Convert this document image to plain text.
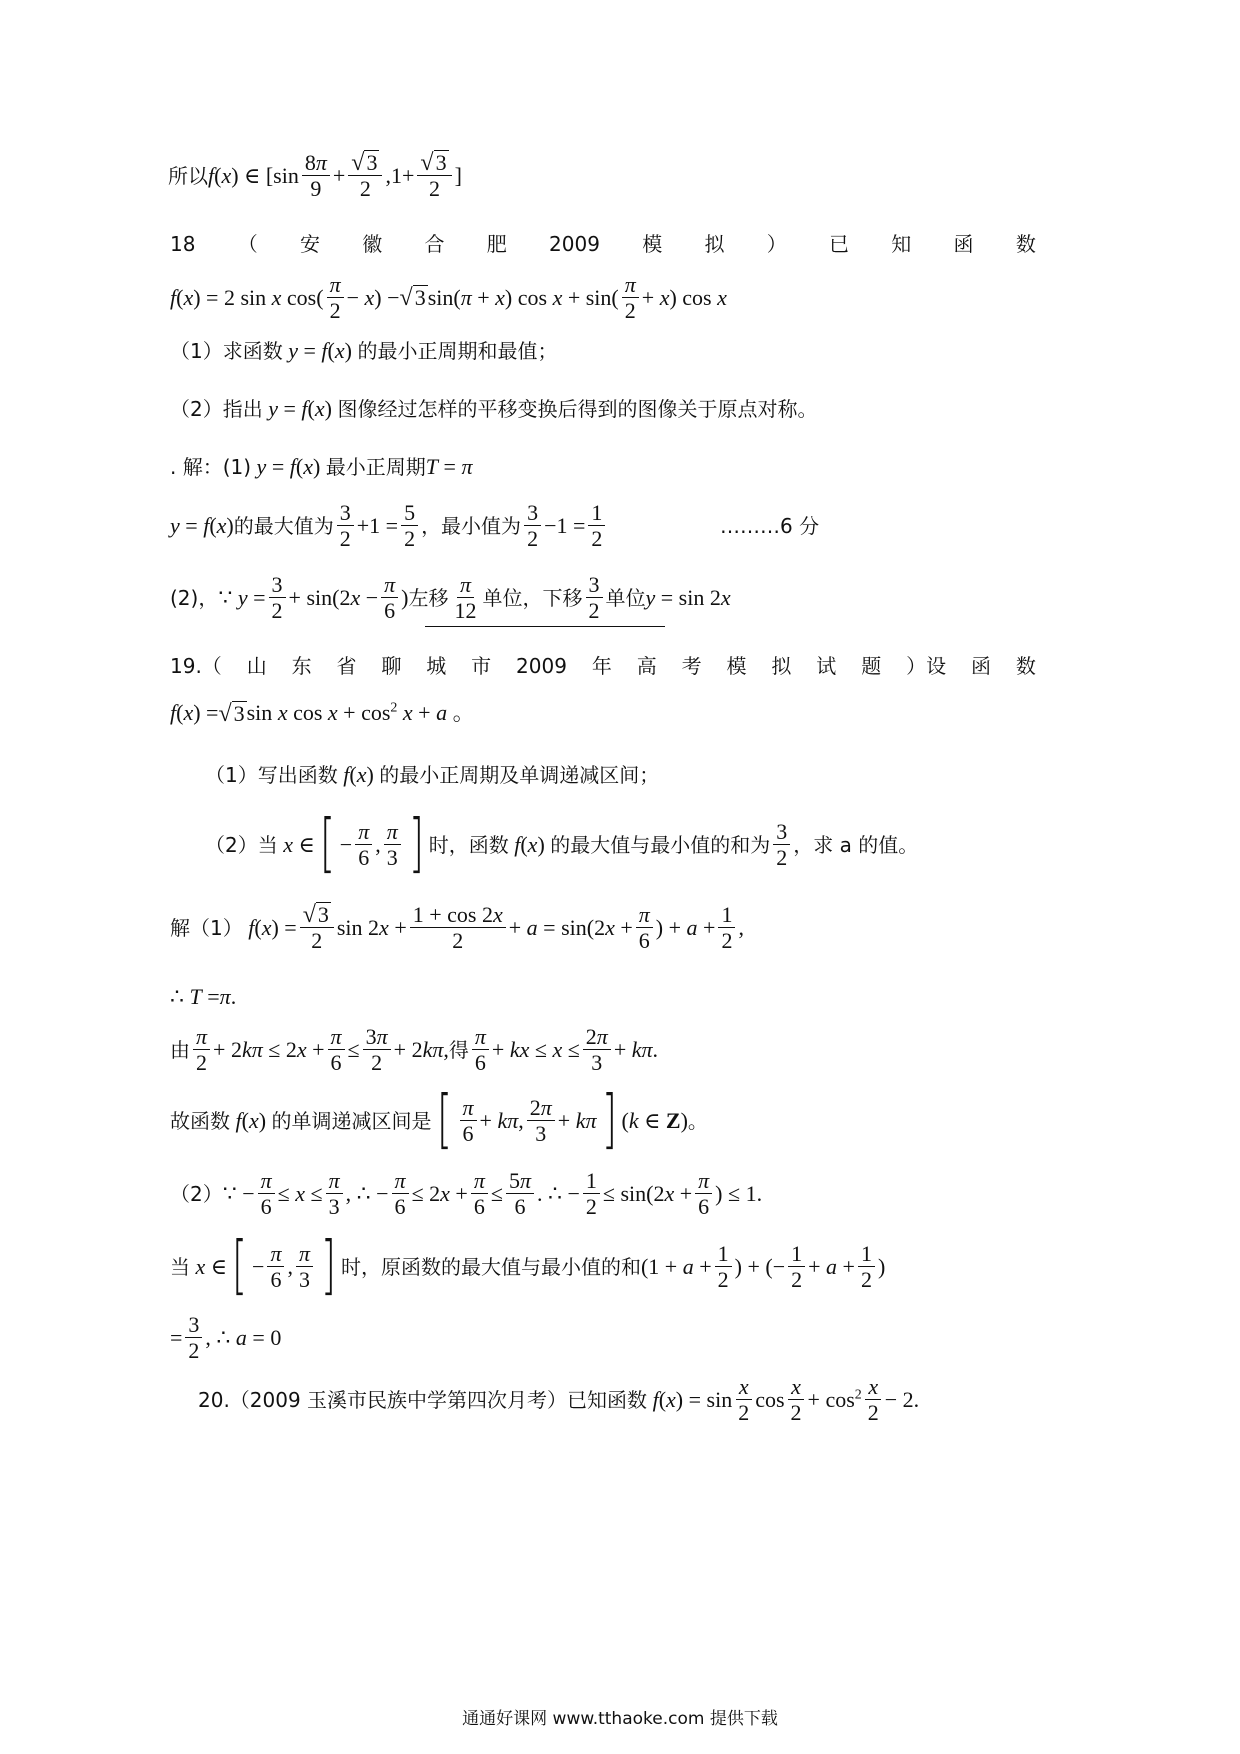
所以 f(x) ∈ [$\sin \frac{8\pi}{9} + \frac{√ 3}{2} ,1+ \frac{√ 3}{2}$ ]
18 （ 安 徽 合 肥 2009 模 拟 ） 已 知 函 数
f(x) = 2 sin x $\cos( \frac{\pi}{2} - x)$ − √ 3 sin(π + x) $\cos x + \sin( \frac{\pi}{2} + x)$ cos x
（1）求函数 y = f(x) 的最小正周期和最值；
（2）指出 y = f(x) 图像经过怎样的平移变换后得到的图像关于原点对称。
. 解：(1) y = f(x) 最小正周期 T = π
y = f(x) 的最大值为 $\frac{3}{2} +1 = \frac{5}{2}$ ，最小值为 $\frac{3}{2} -1 = \frac{1}{2}$	………6 分
(2)， ∵ $y = \frac{3}{2} + \sin(2x - \frac{\pi}{6}$ ) 左移 $\frac{\pi}{12}$ 单位，下移 $\frac{3}{2}$ 单位 y = sin 2x
19.（ 山 东 省 聊 城 市 2009 年 高 考 模 拟 试 题 ）设 函 数
f(x) = √ 3 sin x $\cos x + \cos^2 x + a$ 。
（1）写出函数 f(x) 的最小正周期及单调递减区间；
（2）当 x ∈ [ − $\frac{\pi}{6}$ , $\frac{\pi}{3}$ ] 时，函数 f(x) 的最大值与最小值的和为 $\frac{3}{2}$ ，求 a 的值。
解（1） $f(x) = \frac{√ 3}{2}$ $\sin 2x + \frac{1 + \cos 2x}{2} + a = \sin(2x + \frac{\pi}{6}$ ) + $a + \frac{1}{2}$ ,
∴ T = π .
由 $\frac{\pi}{2} + 2k\pi \le 2x + \frac{\pi}{6} \le \frac{3\pi}{2} + 2k\pi$, 得 $\frac{\pi}{6}$ + kx ≤ $x \le \frac{2\pi}{3} + k\pi$.
故函数 f(x) 的单调递减区间是 [ $\frac{\pi}{6} + k\pi$, $\frac{2\pi}{3} + k\pi$ ] (k ∈ Z) 。
（2） ∵ − $\frac{\pi}{6} \le x \le \frac{\pi}{3}$ , ∴ − $\frac{\pi}{6} \le 2x + \frac{\pi}{6} \le \frac{5\pi}{6}$ . ∴ − $\frac{1}{2} \le \sin(2x + \frac{\pi}{6}$ ) ≤ 1.
当 x ∈ [ − $\frac{\pi}{6}$ , $\frac{\pi}{3}$ ] 时，原函数的最大值与最小值的和 ($1 + a + \frac{1}{2}$ ) + (− $\frac{1}{2} + a + \frac{1}{2}$ )
= $\frac{3}{2}$ , ∴ a = 0
20.（2009 玉溪市民族中学第四次月考）已知函数 $f(x) = \sin \frac{x}{2}$ $\cos \frac{x}{2} + \cos^2 \frac{x}{2} - 2$.
通通好课网 www.tthaoke.com 提供下载
